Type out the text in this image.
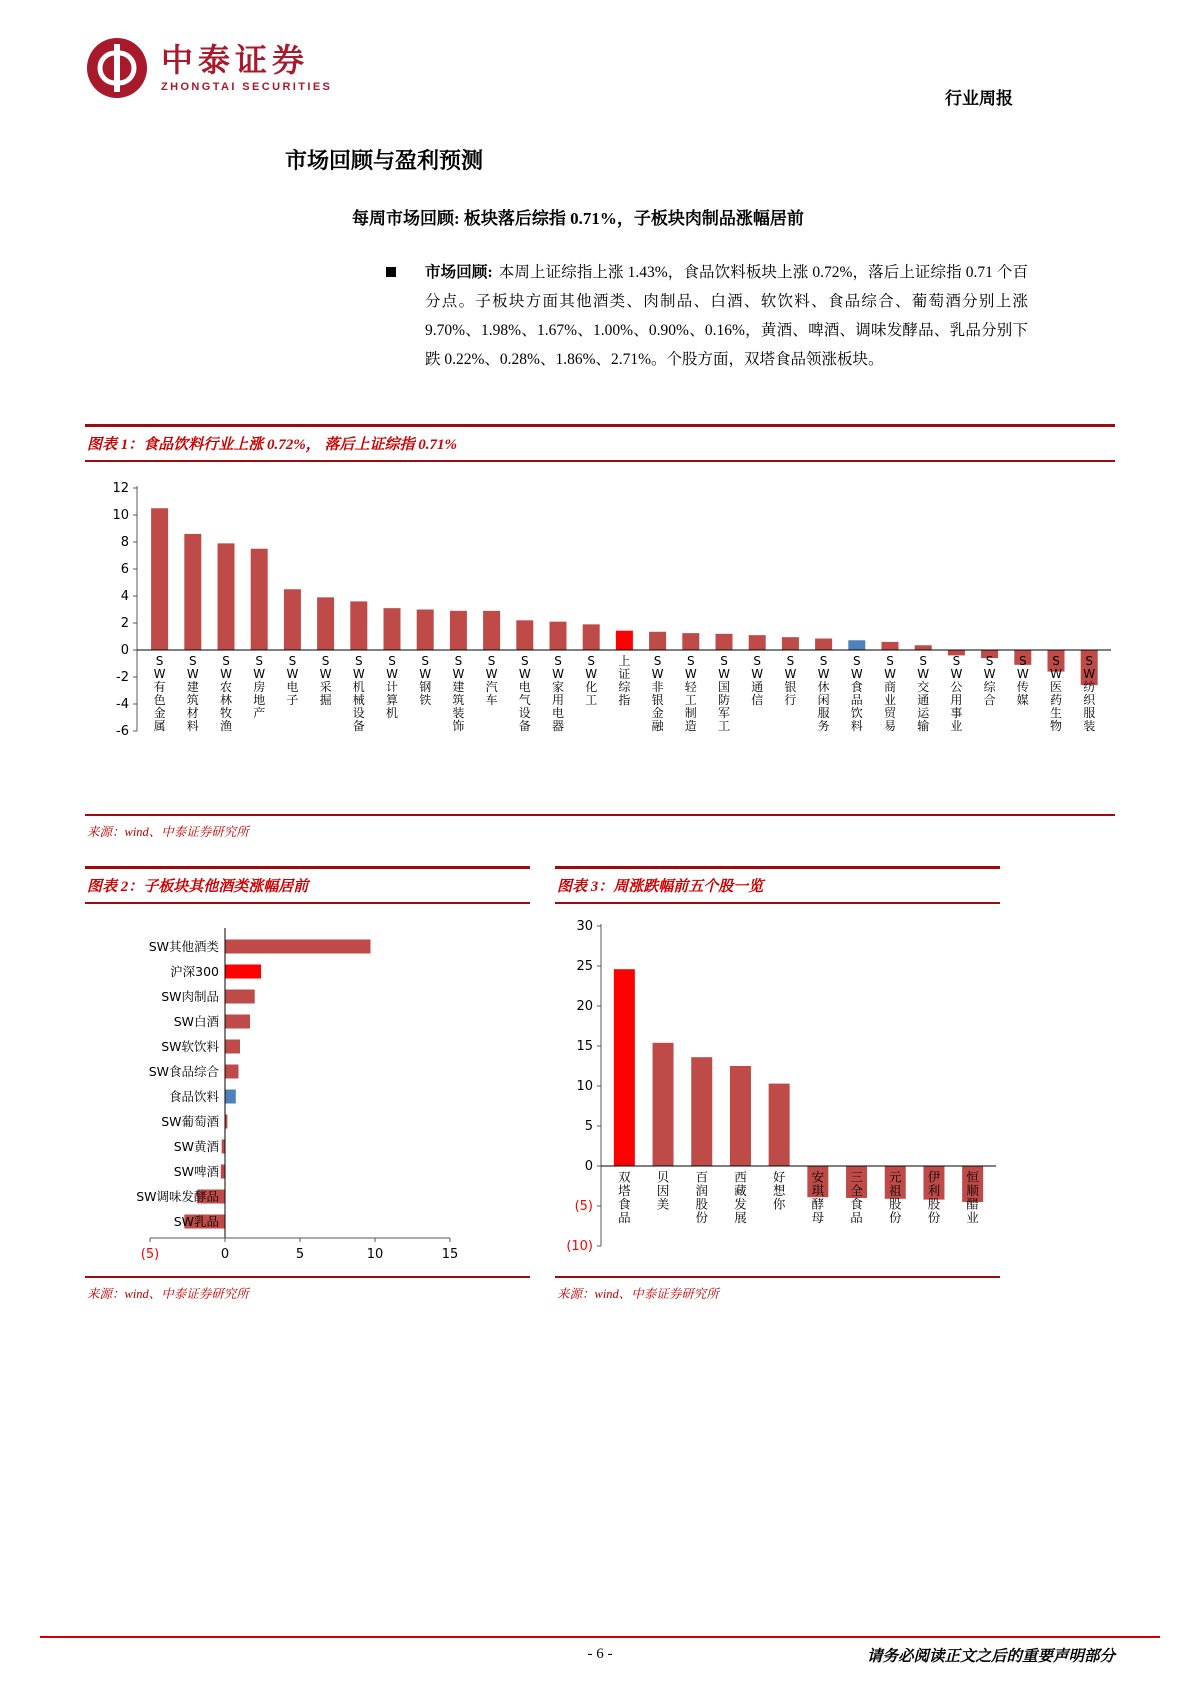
中泰证券
ZHONGTAI SECURITIES
行业周报
市场回顾与盈利预测
每周市场回顾: 板块落后综指 0.71%，子板块肉制品涨幅居前

市场回顾: 本周上证综指上涨 1.43%，食品饮料板块上涨 0.72%，落后上证综指 0.71 个百分点。子板块方面其他酒类、肉制品、白酒、软饮料、食品综合、葡萄酒分别上涨 9.70%、1.98%、1.67%、1.00%、0.90%、0.16%，黄酒、啤酒、调味发酵品、乳品分别下跌 0.22%、0.28%、1.86%、2.71%。个股方面，双塔食品领涨板块。

图表 1：食品饮料行业上涨 0.72%， 落后上证综指 0.71%
12
10
8
6
4
2
0
-2
-4
-6
S
W
有
色
金
属
S
W
建
筑
材
料
S
W
农
林
牧
渔
S
W
房
地
产
S
W
电
子
S
W
采
掘
S
W
机
械
设
备
S
W
计
算
机
S
W
钢
铁
S
W
建
筑
装
饰
S
W
汽
车
S
W
电
气
设
备
S
W
家
用
电
器
S
W
化
工
上
证
综
指
S
W
非
银
金
融
S
W
轻
工
制
造
S
W
国
防
军
工
S
W
通
信
S
W
银
行
S
W
休
闲
服
务
S
W
食
品
饮
料
S
W
商
业
贸
易
S
W
交
通
运
输
S
W
公
用
事
业
S
W
综
合
S
W
传
媒
S
W
医
药
生
物
S
W
纺
织
服
装
来源：wind、中泰证券研究所
图表 2：子板块其他酒类涨幅居前
SW其他酒类
沪深300
SW肉制品
SW白酒
SW软饮料
SW食品综合
食品饮料
SW葡萄酒
SW黄酒
SW啤酒
SW调味发酵品
SW乳品
(5)	0	5	10	15
来源：wind、中泰证券研究所
图表 3：周涨跌幅前五个股一览
30
25
20
15
10
5
0
(5)
(10)
双
塔
食
品
贝
因
美
百
润
股
份
西
藏
发
展
好
想
你
安
琪
酵
母
三
全
食
品
元
祖
股
份
伊
利
股
份
恒
顺
醋
业
来源：wind、中泰证券研究所
- 6 -	请务必阅读正文之后的重要声明部分
